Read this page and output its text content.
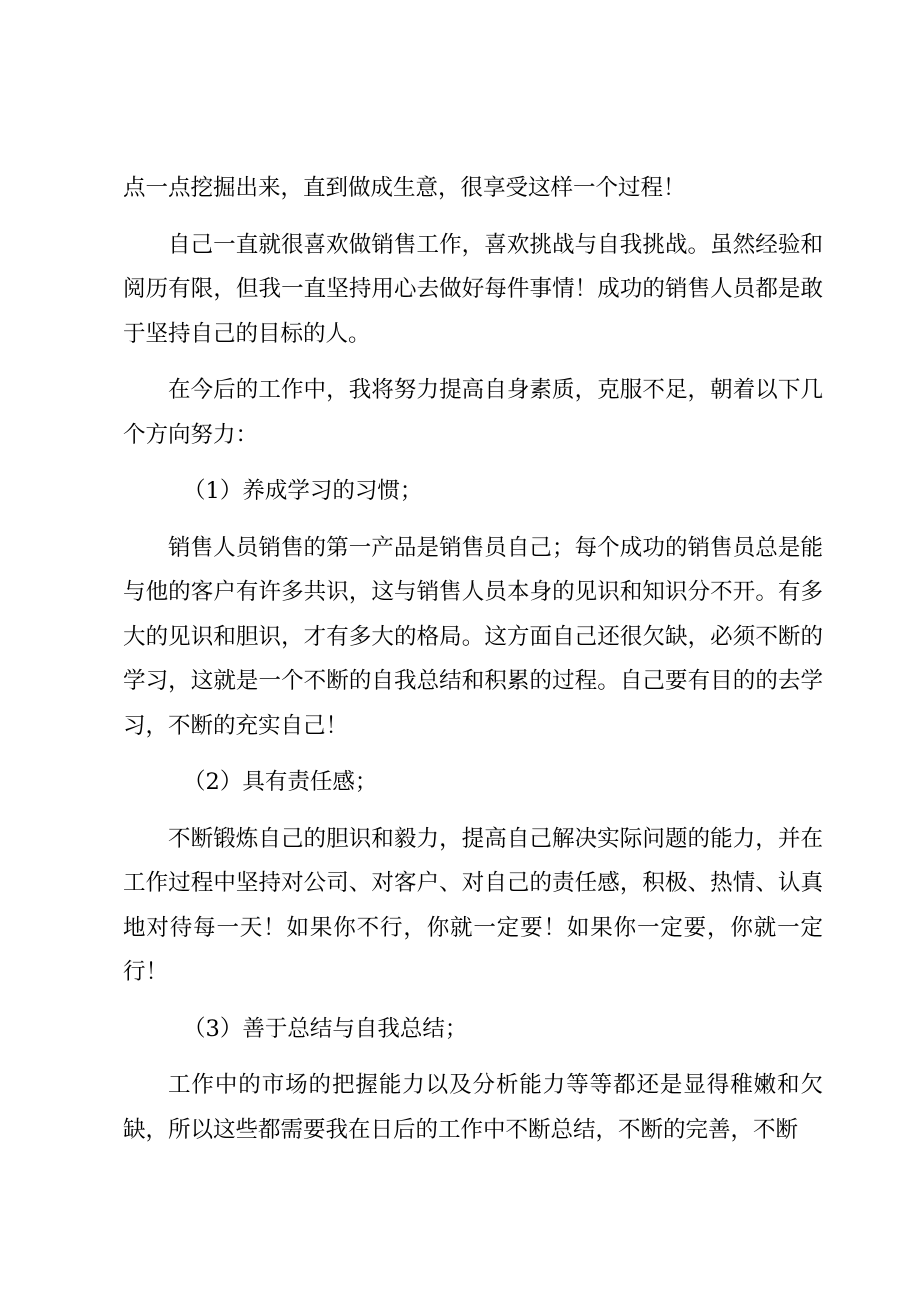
点一点挖掘出来，直到做成生意，很享受这样一个过程！

自己一直就很喜欢做销售工作，喜欢挑战与自我挑战。虽然经验和阅历有限，但我一直坚持用心去做好每件事情！成功的销售人员都是敢于坚持自己的目标的人。

在今后的工作中，我将努力提高自身素质，克服不足，朝着以下几个方向努力：

（1）养成学习的习惯；

销售人员销售的第一产品是销售员自己；每个成功的销售员总是能与他的客户有许多共识，这与销售人员本身的见识和知识分不开。有多大的见识和胆识，才有多大的格局。这方面自己还很欠缺，必须不断的学习，这就是一个不断的自我总结和积累的过程。自己要有目的的去学习，不断的充实自己！

（2）具有责任感；

不断锻炼自己的胆识和毅力，提高自己解决实际问题的能力，并在工作过程中坚持对公司、对客户、对自己的责任感，积极、热情、认真地对待每一天！如果你不行，你就一定要！如果你一定要，你就一定行！

（3）善于总结与自我总结；

工作中的市场的把握能力以及分析能力等等都还是显得稚嫩和欠缺，所以这些都需要我在日后的工作中不断总结，不断的完善，不断
